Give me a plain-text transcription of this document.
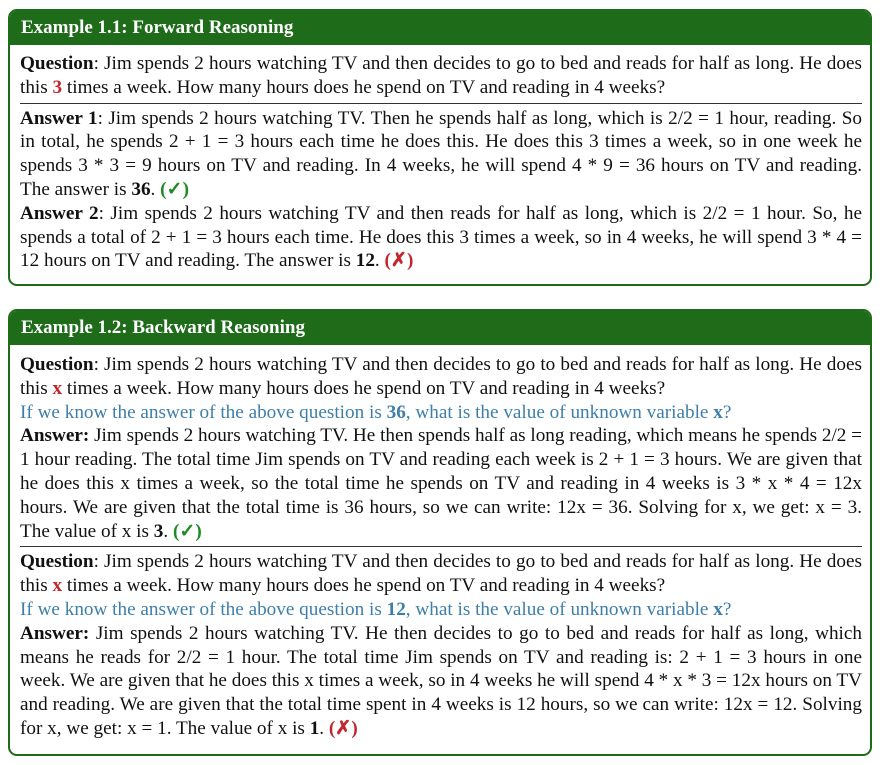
Example 1.1: Forward Reasoning

Question: Jim spends 2 hours watching TV and then decides to go to bed and reads for half as long. He does this 3 times a week. How many hours does he spend on TV and reading in 4 weeks?

Answer 1: Jim spends 2 hours watching TV. Then he spends half as long, which is 2/2 = 1 hour, reading. So in total, he spends 2 + 1 = 3 hours each time he does this. He does this 3 times a week, so in one week he spends 3 * 3 = 9 hours on TV and reading. In 4 weeks, he will spend 4 * 9 = 36 hours on TV and reading. The answer is 36. (✓)

Answer 2: Jim spends 2 hours watching TV and then reads for half as long, which is 2/2 = 1 hour. So, he spends a total of 2 + 1 = 3 hours each time. He does this 3 times a week, so in 4 weeks, he will spend 3 * 4 = 12 hours on TV and reading. The answer is 12. (✗)

Example 1.2: Backward Reasoning

Question: Jim spends 2 hours watching TV and then decides to go to bed and reads for half as long. He does this x times a week. How many hours does he spend on TV and reading in 4 weeks?

If we know the answer of the above question is 36, what is the value of unknown variable x?

Answer: Jim spends 2 hours watching TV. He then spends half as long reading, which means he spends 2/2 = 1 hour reading. The total time Jim spends on TV and reading each week is 2 + 1 = 3 hours. We are given that he does this x times a week, so the total time he spends on TV and reading in 4 weeks is 3 * x * 4 = 12x hours. We are given that the total time is 36 hours, so we can write: 12x = 36. Solving for x, we get: x = 3. The value of x is 3. (✓)

Question: Jim spends 2 hours watching TV and then decides to go to bed and reads for half as long. He does this x times a week. How many hours does he spend on TV and reading in 4 weeks?

If we know the answer of the above question is 12, what is the value of unknown variable x?

Answer: Jim spends 2 hours watching TV. He then decides to go to bed and reads for half as long, which means he reads for 2/2 = 1 hour. The total time Jim spends on TV and reading is: 2 + 1 = 3 hours in one week. We are given that he does this x times a week, so in 4 weeks he will spend 4 * x * 3 = 12x hours on TV and reading. We are given that the total time spent in 4 weeks is 12 hours, so we can write: 12x = 12. Solving for x, we get: x = 1. The value of x is 1. (✗)
